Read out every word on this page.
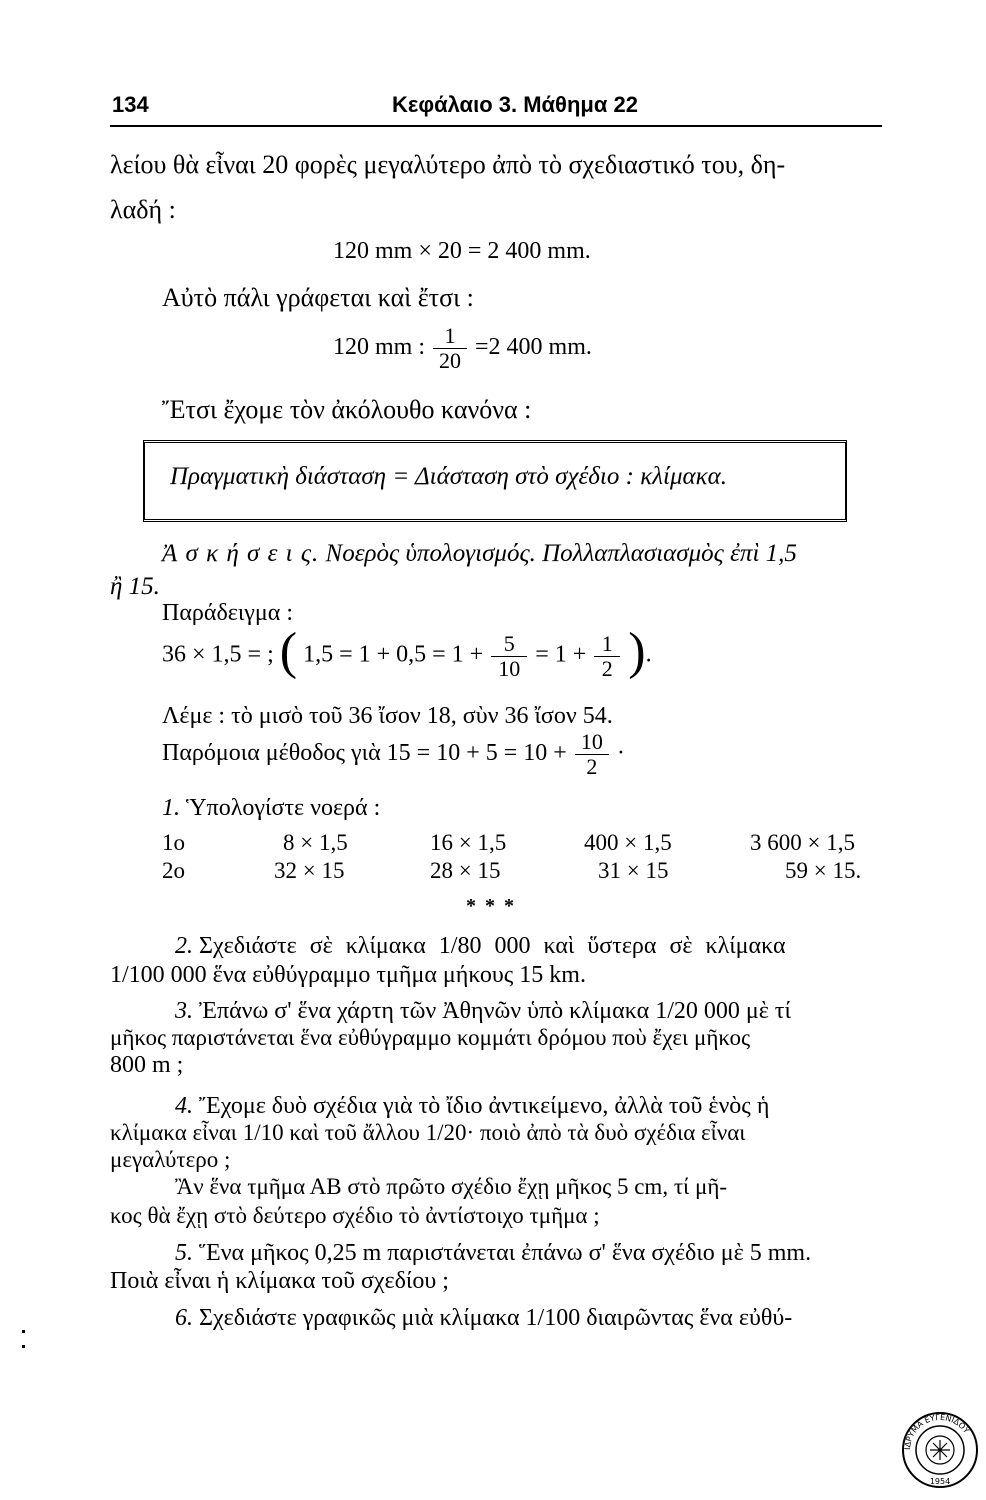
134	Κεφάλαιο 3. Μάθημα 22
λείου θὰ εἶναι 20 φορὲς μεγαλύτερο ἀπὸ τὸ σχεδιαστικό του, δη-
λαδή :
120 mm × 20 = 2 400 mm.
Αὐτὸ πάλι γράφεται καὶ ἔτσι :
120 mm : $\frac{1}{20} =2$ 400 mm.
Ἔτσι ἔχομε τὸν ἀκόλουθο κανόνα :
Πραγματικὴ διάσταση = Διάσταση στὸ σχέδιο : κλίμακα.
Ἀ σ κ ή σ ε ι ς. Νοερὸς ὑπολογισμός. Πολλαπλασιασμὸς ἐπὶ 1,5
ἢ 15.
Παράδειγμα :
36 × 1,5 = ; ( $1,5 = 1 + 0,5 = 1 + \frac{5}{10} = 1 + \frac{1}{2}$ ).
Λέμε : τὸ μισὸ τοῦ 36 ἴσον 18, σὺν 36 ἴσον 54.
Παρόμοια μέθοδος γιὰ $15 = 10 + 5 = 10 + \frac{10}{2}$ ·
1. Ὑπολογίστε νοερά :
1ο	8 × 1,5	16 × 1,5	400 × 1,5	3 600 × 1,5
2ο	32 × 15	28 × 15	31 × 15	59 × 15.
* * *
2. Σχεδιάστε σὲ κλίμακα 1/80 000 καὶ ὕστερα σὲ κλίμακα
1/100 000 ἕνα εὐθύγραμμο τμῆμα μήκους 15 km.
3. Ἐπάνω σ' ἕνα χάρτη τῶν Ἀθηνῶν ὑπὸ κλίμακα 1/20 000 μὲ τί
μῆκος παριστάνεται ἕνα εὐθύγραμμο κομμάτι δρόμου ποὺ ἔχει μῆκος
800 m ;
4. Ἔχομε δυὸ σχέδια γιὰ τὸ ἴδιο ἀντικείμενο, ἀλλὰ τοῦ ἑνὸς ἡ
κλίμακα εἶναι 1/10 καὶ τοῦ ἄλλου 1/20· ποιὸ ἀπὸ τὰ δυὸ σχέδια εἶναι
μεγαλύτερο ;
Ἂν ἕνα τμῆμα ΑΒ στὸ πρῶτο σχέδιο ἔχῃ μῆκος 5 cm, τί μῆ-
κος θὰ ἔχῃ στὸ δεύτερο σχέδιο τὸ ἀντίστοιχο τμῆμα ;
5. Ἕνα μῆκος 0,25 m παριστάνεται ἐπάνω σ' ἕνα σχέδιο μὲ 5 mm.
Ποιὰ εἶναι ἡ κλίμακα τοῦ σχεδίου ;
6. Σχεδιάστε γραφικῶς μιὰ κλίμακα 1/100 διαιρῶντας ἕνα εὐθύ-
ΙΔΡΥΜΑ ΕΥΓΕΝΙΔΟΥ
1954
